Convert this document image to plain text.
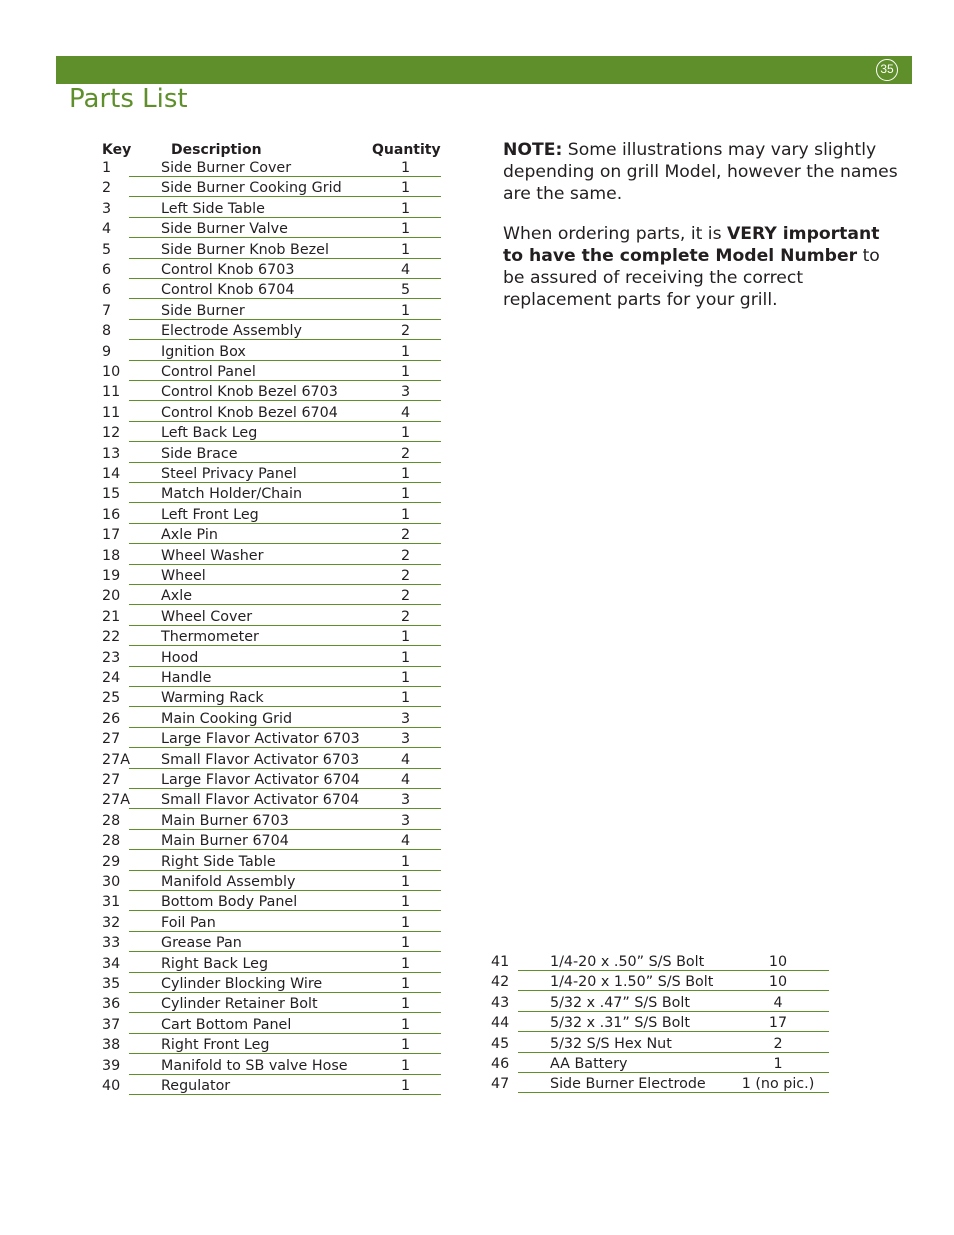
35
Parts List
Key	Description	Quantity
1	Side Burner Cover	1
2	Side Burner Cooking Grid	1
3	Left Side Table	1
4	Side Burner Valve	1
5	Side Burner Knob Bezel	1
6	Control Knob 6703	4
6	Control Knob 6704	5
7	Side Burner	1
8	Electrode Assembly	2
9	Ignition Box	1
10	Control Panel	1
11	Control Knob Bezel 6703	3
11	Control Knob Bezel 6704	4
12	Left Back Leg	1
13	Side Brace	2
14	Steel Privacy Panel	1
15	Match Holder/Chain	1
16	Left Front Leg	1
17	Axle Pin	2
18	Wheel Washer	2
19	Wheel	2
20	Axle	2
21	Wheel Cover	2
22	Thermometer	1
23	Hood	1
24	Handle	1
25	Warming Rack	1
26	Main Cooking Grid	3
27	Large Flavor Activator 6703	3
27A Small Flavor Activator 6703	4
27	Large Flavor Activator 6704	4
27A Small Flavor Activator 6704	3
28	Main Burner 6703	3
28	Main Burner 6704	4
29	Right Side Table	1
30	Manifold Assembly	1
31	Bottom Body Panel	1
32	Foil Pan	1
33	Grease Pan	1
34	Right Back Leg	1
35	Cylinder Blocking Wire	1
36	Cylinder Retainer Bolt	1
37	Cart Bottom Panel	1
38	Right Front Leg	1
39	Manifold to SB valve Hose	1
40	Regulator	1
41	1/4-20 x .50” S/S Bolt	10
42	1/4-20 x 1.50” S/S Bolt	10
43	5/32 x .47” S/S Bolt	4
44	5/32 x .31” S/S Bolt	17
45	5/32 S/S Hex Nut	2
46	AA Battery	1
47	Side Burner Electrode	1 (no pic.)

NOTE: Some illustrations may vary slightly depending on grill Model, however the names are the same.

When ordering parts, it is VERY important to have the complete Model Number to be assured of receiving the correct replacement parts for your grill.
